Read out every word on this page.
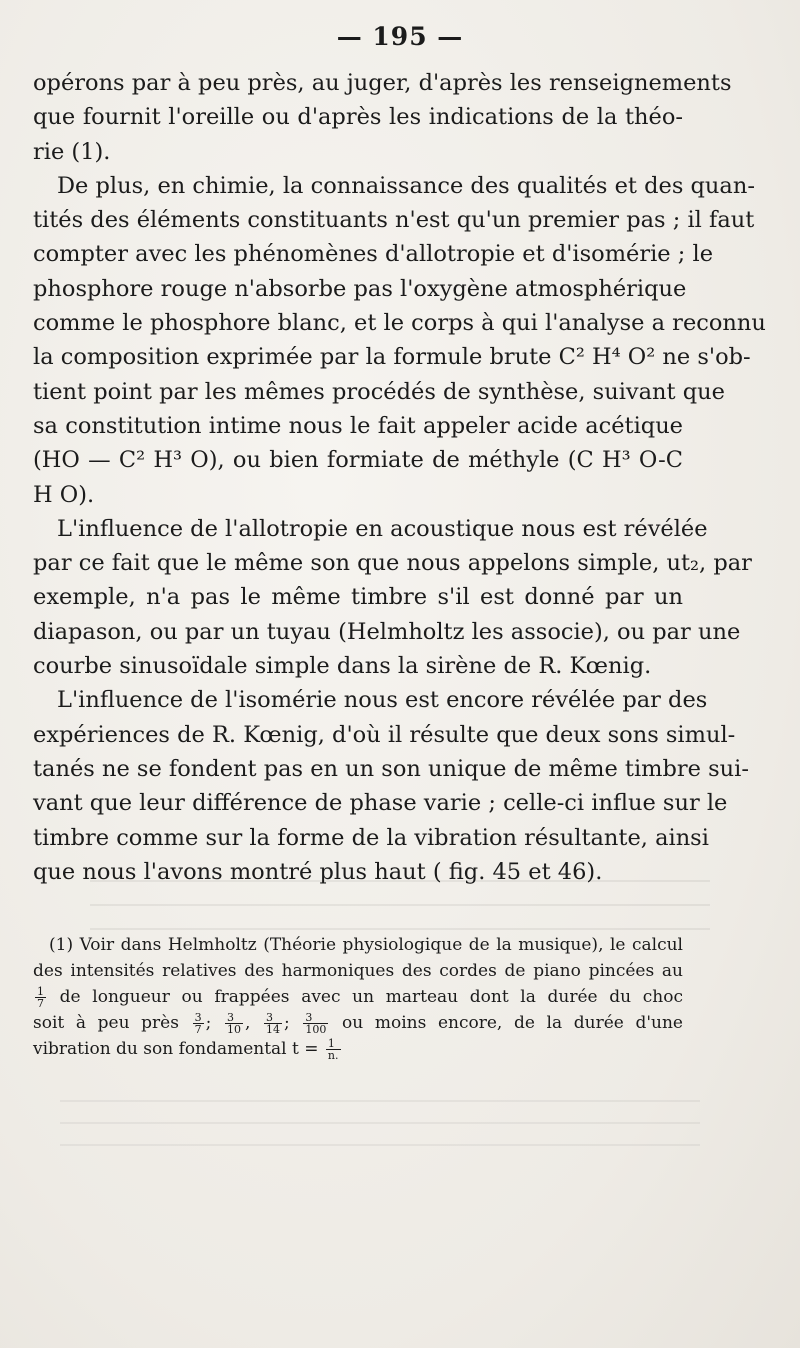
— 195 —
opérons par à peu près, au juger, d'après les renseignements
que fournit l'oreille ou d'après les indications de la théo-
rie (1).
De plus, en chimie, la connaissance des qualités et des quan-
tités des éléments constituants n'est qu'un premier pas ; il faut
compter avec les phénomènes d'allotropie et d'isomérie ; le
phosphore rouge n'absorbe pas l'oxygène atmosphérique
comme le phosphore blanc, et le corps à qui l'analyse a reconnu
la composition exprimée par la formule brute C² H⁴ O² ne s'ob-
tient point par les mêmes procédés de synthèse, suivant que
sa constitution intime nous le fait appeler acide acétique
(HO — C² H³ O), ou bien formiate de méthyle (C H³ O-C
H O).
L'influence de l'allotropie en acoustique nous est révélée
par ce fait que le même son que nous appelons simple, ut₂, par
exemple, n'a pas le même timbre s'il est donné par un
diapason, ou par un tuyau (Helmholtz les associe), ou par une
courbe sinusoïdale simple dans la sirène de R. Kœnig.
L'influence de l'isomérie nous est encore révélée par des
expériences de R. Kœnig, d'où il résulte que deux sons simul-
tanés ne se fondent pas en un son unique de même timbre sui-
vant que leur différence de phase varie ; celle-ci influe sur le
timbre comme sur la forme de la vibration résultante, ainsi
que nous l'avons montré plus haut ( fig. 45 et 46).
(1) Voir dans Helmholtz (Théorie physiologique de la musique), le calcul
des intensités relatives des harmoniques des cordes de piano pincées au
$\frac{1}{7}$ de longueur ou frappées avec un marteau dont la durée du choc
soit à peu près $\frac{3}{7}$ ; $\frac{3}{10}$ , $\frac{3}{14}$ ; $\frac{3}{100}$ ou moins encore, de la durée d'une
vibration du son fondamental $t = \frac{1}{n.}$
